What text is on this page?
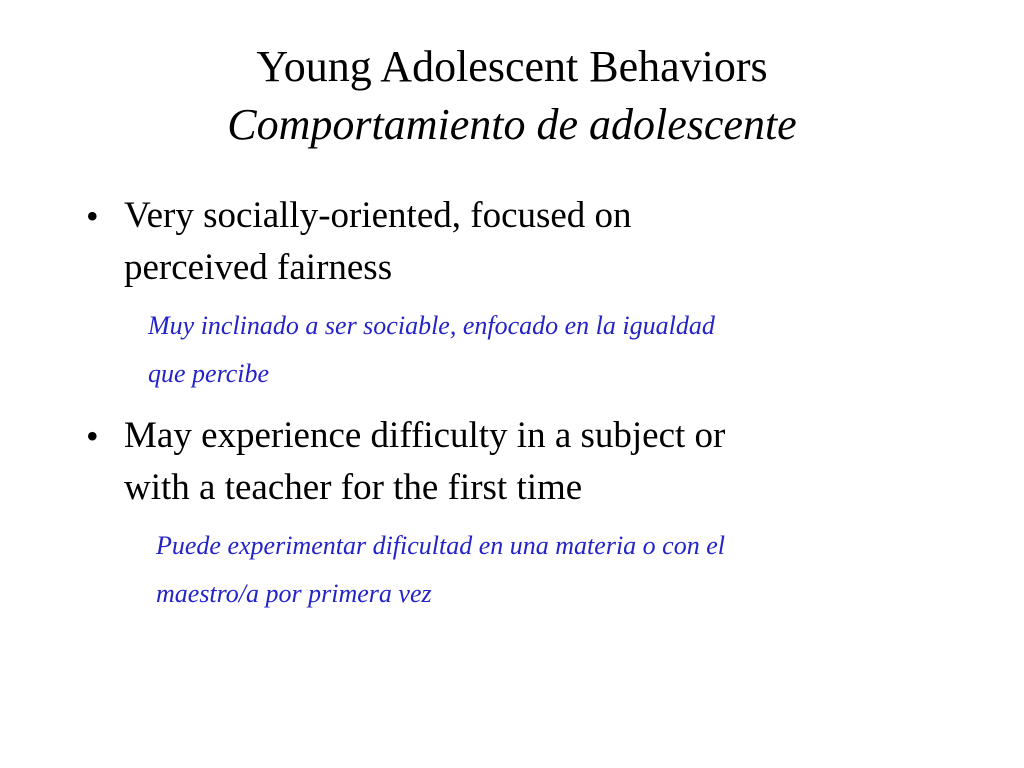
Young Adolescent Behaviors
Comportamiento de adolescente
• Very socially-oriented, focused on
perceived fairness
Muy inclinado a ser sociable, enfocado en la igualdad
que percibe
• May experience difficulty in a subject or
with a teacher for the first time
Puede experimentar dificultad en una materia o con el
maestro/a por primera vez
